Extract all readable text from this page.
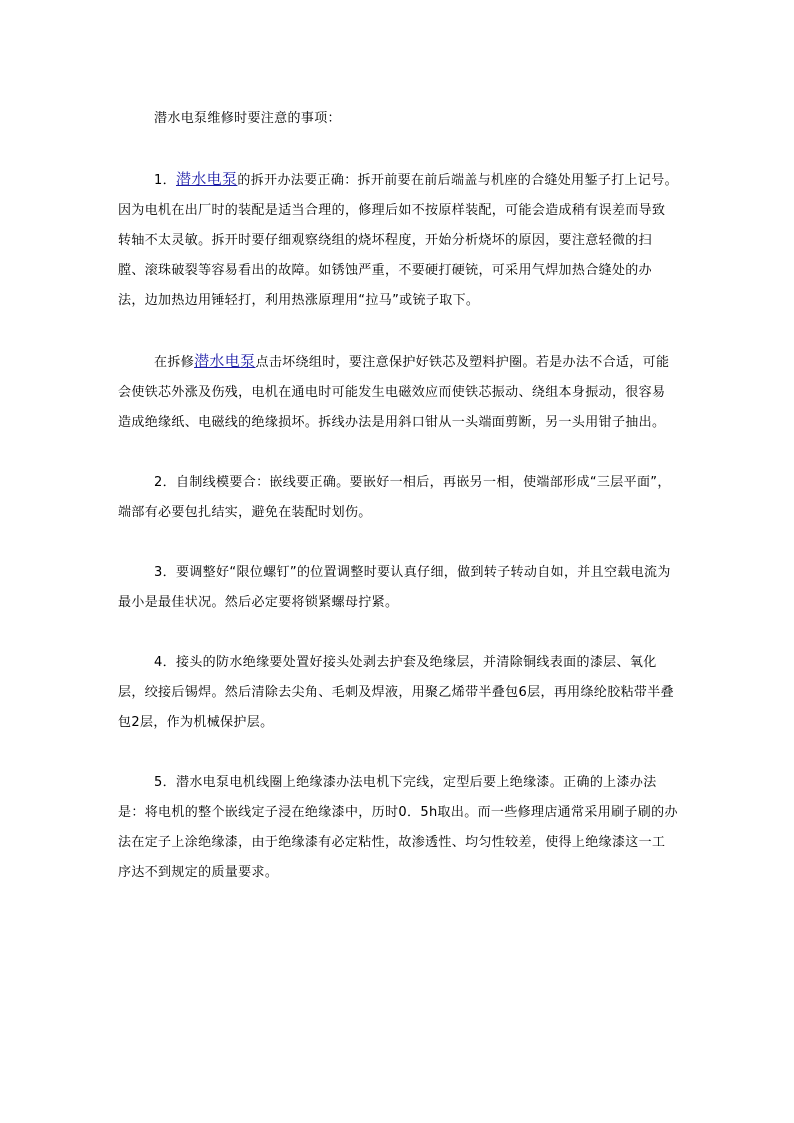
潜水电泵维修时要注意的事项：

1．潜水电泵的拆开办法要正确：拆开前要在前后端盖与机座的合缝处用錾子打上记号。因为电机在出厂时的装配是适当合理的，修理后如不按原样装配，可能会造成稍有误差而导致转轴不太灵敏。拆开时要仔细观察绕组的烧坏程度，开始分析烧坏的原因，要注意轻微的扫膛、滚珠破裂等容易看出的故障。如锈蚀严重，不要硬打硬铳，可采用气焊加热合缝处的办法，边加热边用锤轻打，利用热涨原理用“拉马”或铳子取下。

在拆修潜水电泵点击坏绕组时，要注意保护好铁芯及塑料护圈。若是办法不合适，可能会使铁芯外涨及伤残，电机在通电时可能发生电磁效应而使铁芯振动、绕组本身振动，很容易造成绝缘纸、电磁线的绝缘损坏。拆线办法是用斜口钳从一头端面剪断，另一头用钳子抽出。

2．自制线模要合：嵌线要正确。要嵌好一相后，再嵌另一相，使端部形成“三层平面”，端部有必要包扎结实，避免在装配时划伤。

3．要调整好“限位螺钉”的位置调整时要认真仔细，做到转子转动自如，并且空载电流为最小是最佳状况。然后必定要将锁紧螺母拧紧。

4．接头的防水绝缘要处置好接头处剥去护套及绝缘层，并清除铜线表面的漆层、氧化层，绞接后锡焊。然后清除去尖角、毛刺及焊液，用聚乙烯带半叠包6层，再用绦纶胶粘带半叠包2层，作为机械保护层。

5．潜水电泵电机线圈上绝缘漆办法电机下完线，定型后要上绝缘漆。正确的上漆办法是：将电机的整个嵌线定子浸在绝缘漆中，历时0．5h取出。而一些修理店通常采用刷子刷的办法在定子上涂绝缘漆，由于绝缘漆有必定粘性，故渗透性、均匀性较差，使得上绝缘漆这一工序达不到规定的质量要求。
